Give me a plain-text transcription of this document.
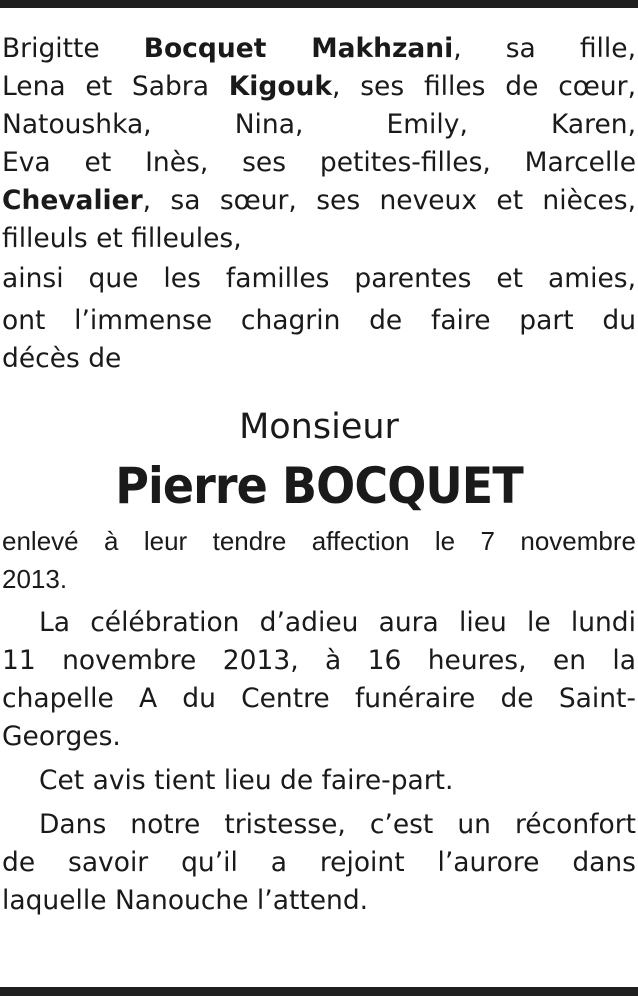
Brigitte Bocquet Makhzani, sa fille,
Lena et Sabra Kigouk, ses filles de cœur,
Natoushka, Nina, Emily, Karen,
Eva et Inès, ses petites-filles, Marcelle
Chevalier, sa sœur, ses neveux et nièces,
filleuls et filleules,
ainsi que les familles parentes et amies,
ont l’immense chagrin de faire part du
décès de
Monsieur
Pierre BOCQUET
enlevé à leur tendre affection le 7 novembre
2013.
La célébration d’adieu aura lieu le lundi
11 novembre 2013, à 16 heures, en la
chapelle A du Centre funéraire de Saint-
Georges.
Cet avis tient lieu de faire-part.
Dans notre tristesse, c’est un réconfort
de savoir qu’il a rejoint l’aurore dans
laquelle Nanouche l’attend.
